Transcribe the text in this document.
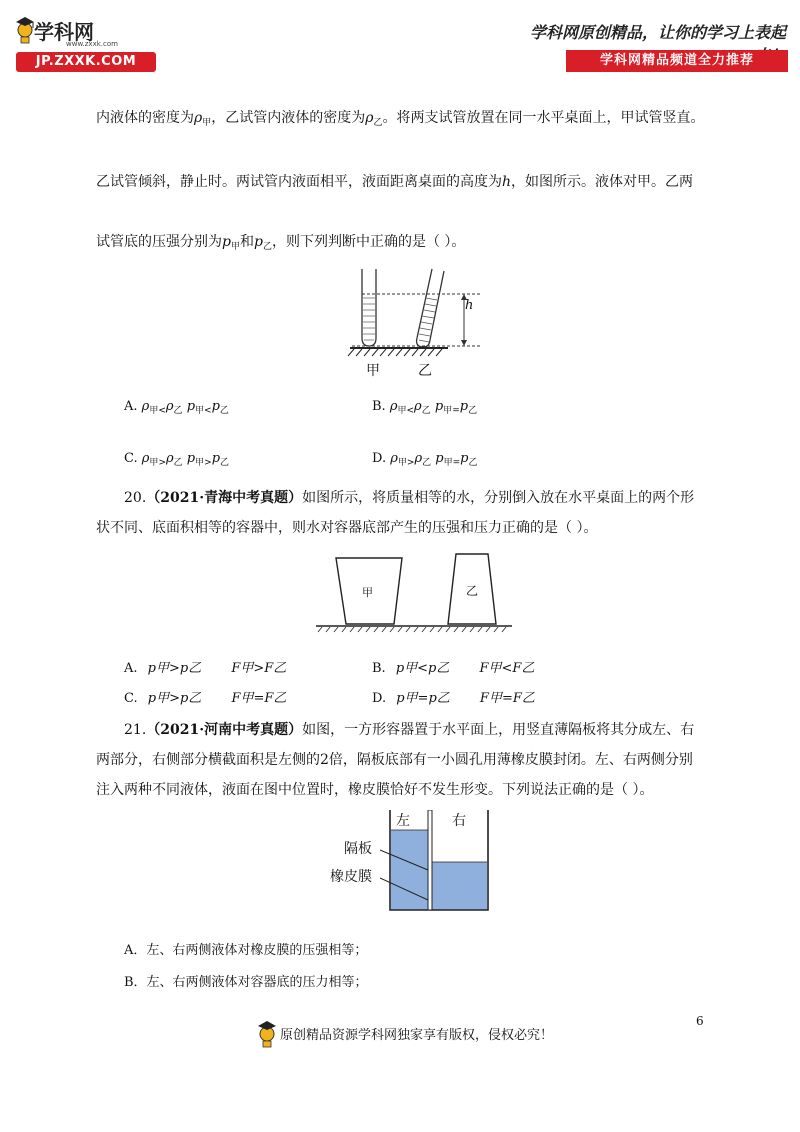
学科网
www.zxxk.com
JP.ZXXK.COM
学科网原创精品，让你的学习上表起
学科网精品频道全力推荐
内液体的密度为$\rho_甲$，乙试管内液体的密度为$\rho_乙$。将两支试管放置在同一水平桌面上，甲试管竖直。
乙试管倾斜，静止时。两试管内液面相平，液面距离桌面的高度为h，如图所示。液体对甲。乙两
试管底的压强分别为$p_甲$和$p_乙$，则下列判断中正确的是（ ）。
h
甲	乙
A. $\rho_{甲<}\rho_乙$ $p_{甲<}p_乙$	B. $\rho_{甲<}\rho_乙$ $p_{甲=}p_乙$
C. $\rho_{甲>}\rho_乙$ $p_{甲>}p_乙$	D. $\rho_{甲>}\rho_乙$ $p_{甲=}p_乙$
20.（2021·青海中考真题）如图所示，将质量相等的水，分别倒入放在水平桌面上的两个形
状不同、底面积相等的容器中，则水对容器底部产生的压强和压力正确的是（ ）。
甲	乙
A. p甲>p乙 F甲>F乙	B. p甲<p乙 F甲<F乙
C. p甲>p乙 F甲=F乙	D. p甲=p乙 F甲=F乙
21.（2021·河南中考真题）如图，一方形容器置于水平面上，用竖直薄隔板将其分成左、右
两部分，右侧部分横截面积是左侧的2倍，隔板底部有一小圆孔用薄橡皮膜封闭。左、右两侧分别
注入两种不同液体，液面在图中位置时，橡皮膜恰好不发生形变。下列说法正确的是（ ）。
左	右
隔板
橡皮膜
A．左、右两侧液体对橡皮膜的压强相等；
B．左、右两侧液体对容器底的压力相等；
原创精品资源学科网独家享有版权，侵权必究！
6
